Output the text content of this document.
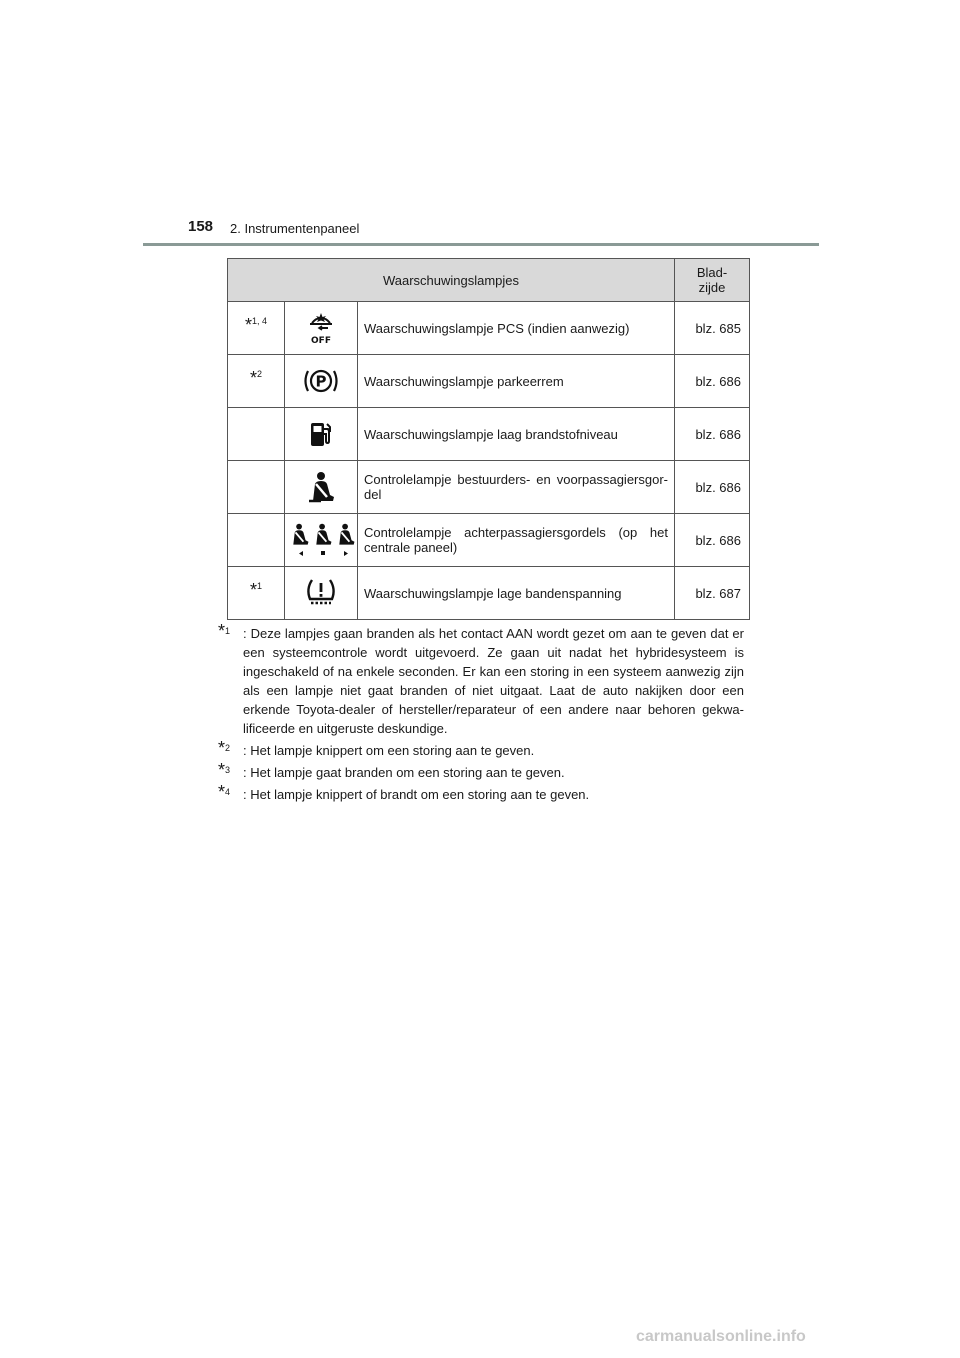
158 2. Instrumentenpaneel
Waarschuwingslampjes			Blad-
zijde
*$^{1, 4}$	OFF	Waarschuwingslampje PCS (indien aanwezig)	blz. 685
*$^2$	P	Waarschuwingslampje parkeerrem	blz. 686

	Waarschuwingslampje laag brandstofniveau	blz. 686

	Controlelampje bestuurders- en voorpassagiersgor-del	blz. 686

	Controlelampje achterpassagiersgordels (op het centrale paneel)	blz. 686
*$^1$		Waarschuwingslampje lage bandenspanning	blz. 687
*$^1$ : Deze lampjes gaan branden als het contact AAN wordt gezet om aan te geven dat er een systeemcontrole wordt uitgevoerd. Ze gaan uit nadat het hybridesysteem is ingeschakeld of na enkele seconden. Er kan een storing in een systeem aanwezig zijn als een lampje niet gaat branden of niet uitgaat. Laat de auto nakijken door een erkende Toyota-dealer of hersteller/reparateur of een andere naar behoren gekwa-lificeerde en uitgeruste deskundige.
*$^2$ : Het lampje knippert om een storing aan te geven.
*$^3$ : Het lampje gaat branden om een storing aan te geven.
*$^4$ : Het lampje knippert of brandt om een storing aan te geven.
carmanualsonline.info
